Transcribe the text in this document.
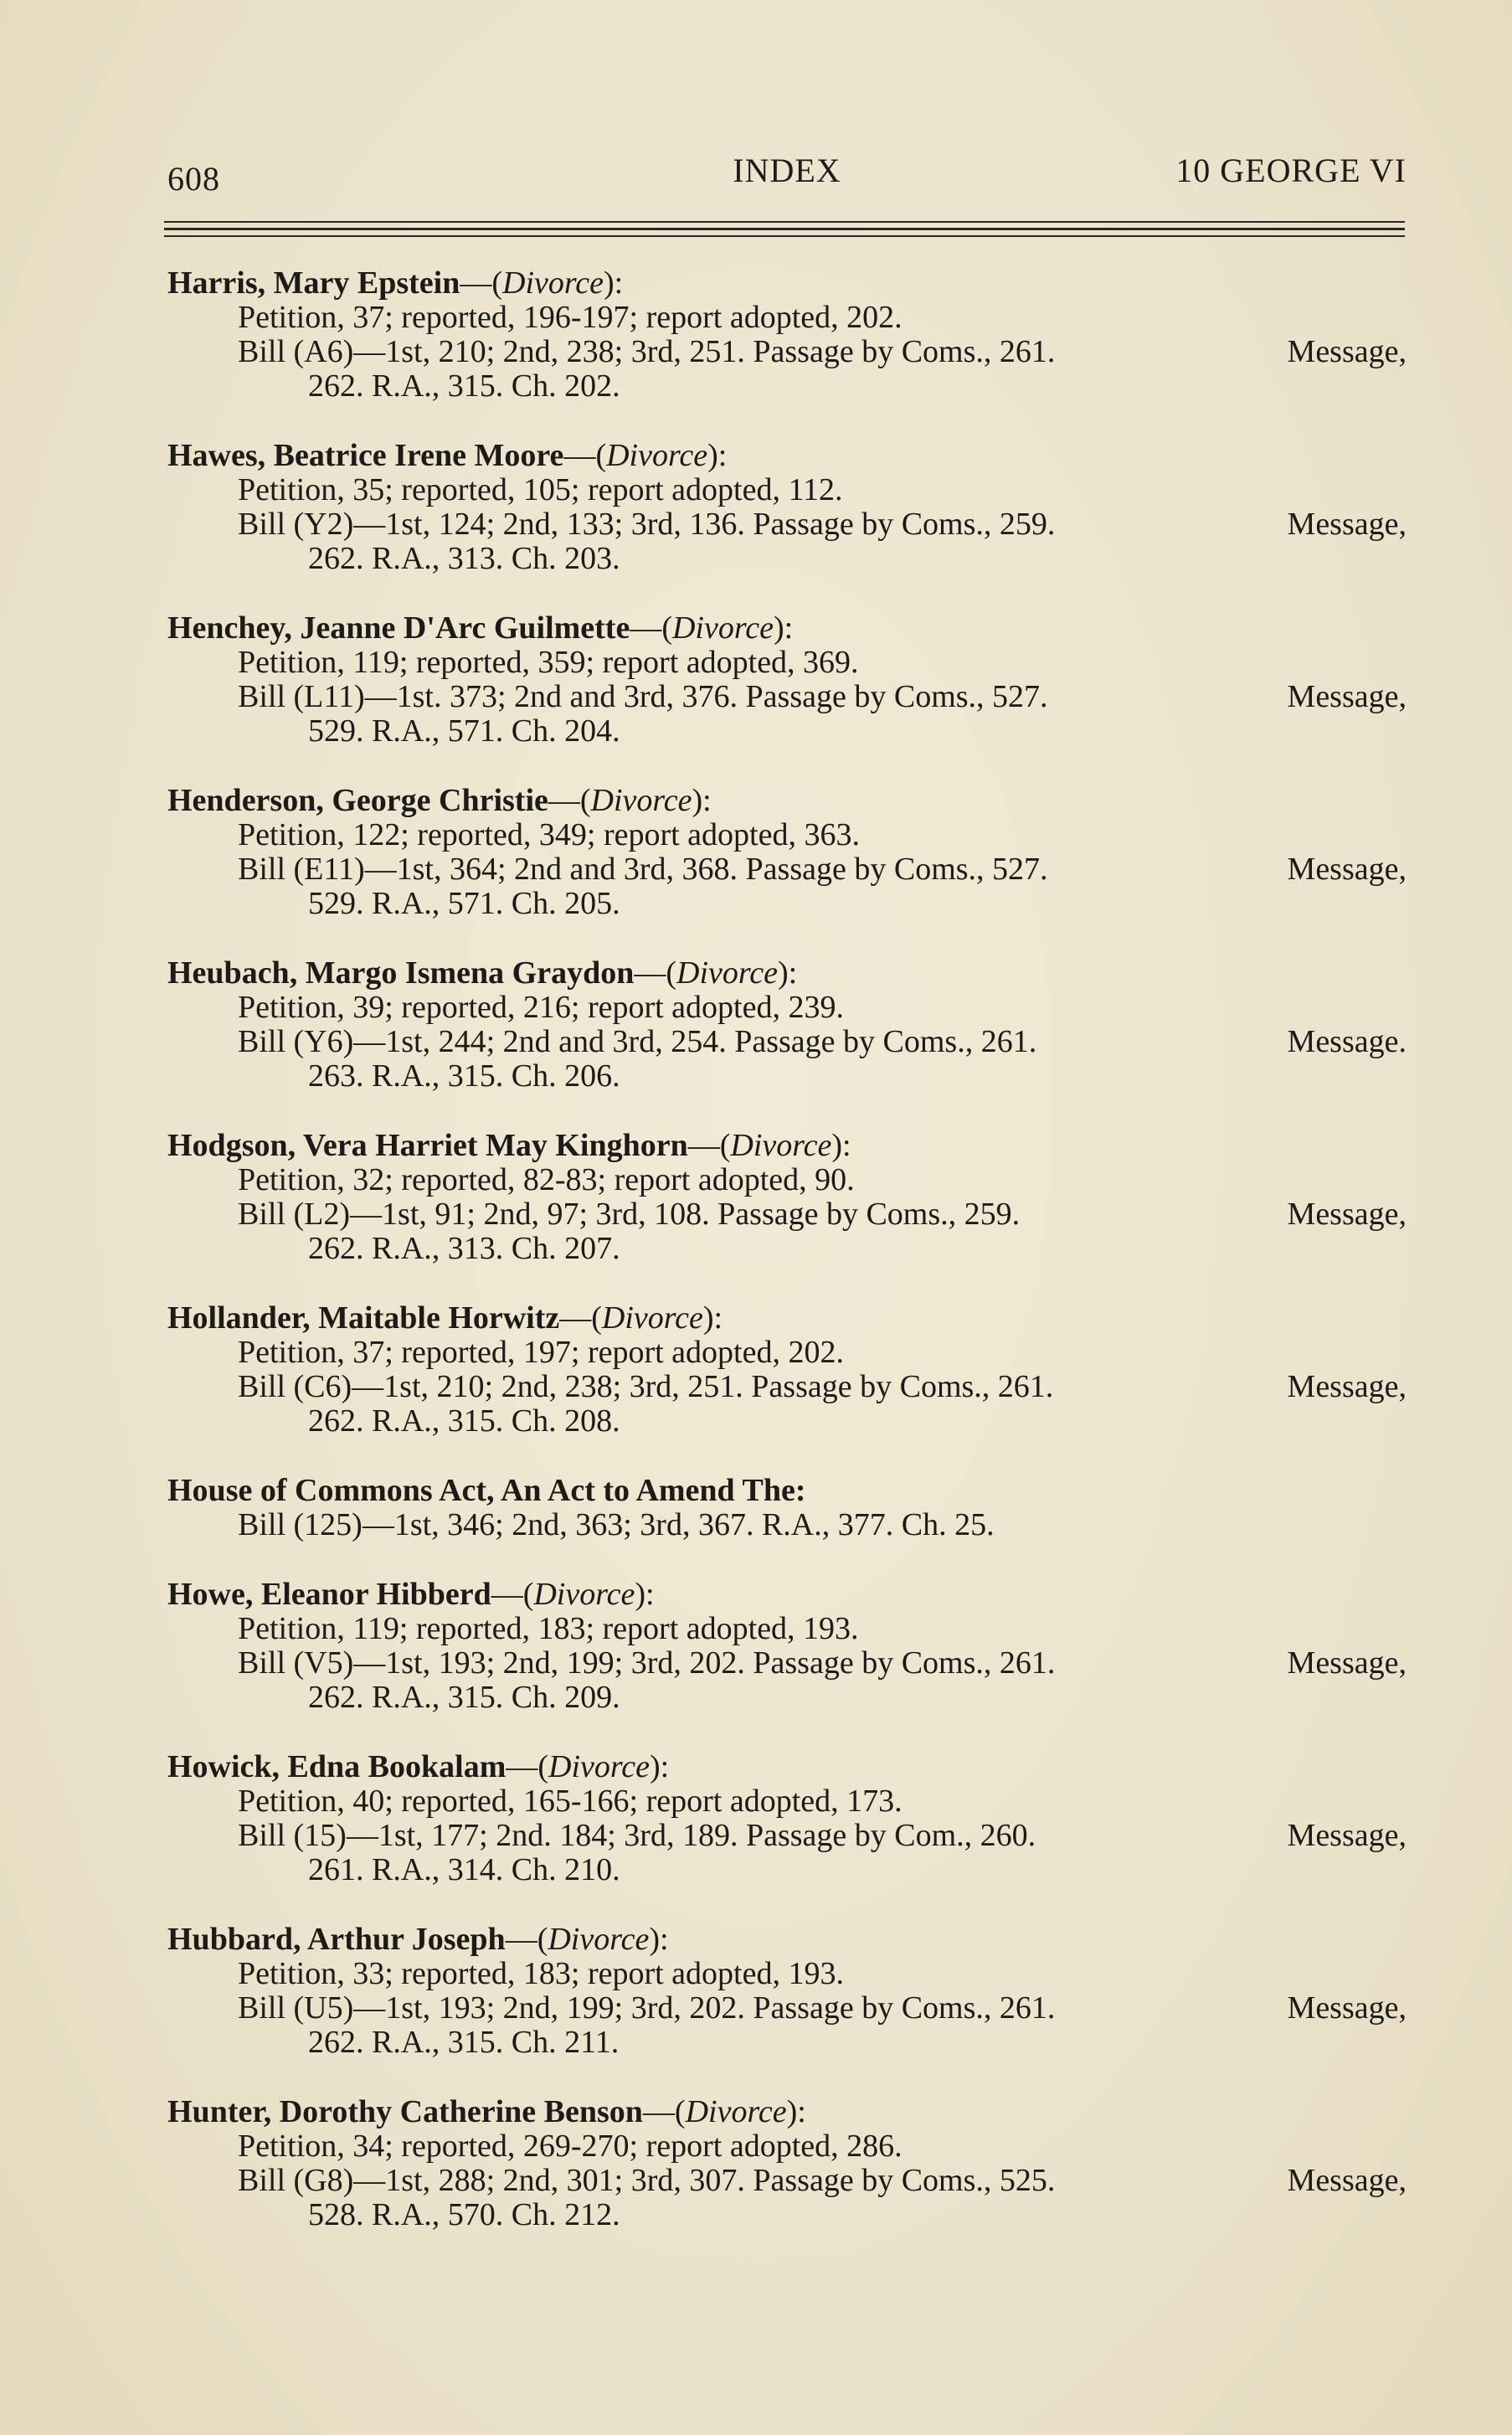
608	INDEX	10 GEORGE VI
Harris, Mary Epstein—(Divorce):
Petition, 37; reported, 196-197; report adopted, 202.
Bill (A6)—1st, 210; 2nd, 238; 3rd, 251. Passage by Coms., 261.	Message,
262. R.A., 315. Ch. 202.
Hawes, Beatrice Irene Moore—(Divorce):
Petition, 35; reported, 105; report adopted, 112.
Bill (Y2)—1st, 124; 2nd, 133; 3rd, 136. Passage by Coms., 259.	Message,
262. R.A., 313. Ch. 203.
Henchey, Jeanne D'Arc Guilmette—(Divorce):
Petition, 119; reported, 359; report adopted, 369.
Bill (L11)—1st. 373; 2nd and 3rd, 376. Passage by Coms., 527.	Message,
529. R.A., 571. Ch. 204.
Henderson, George Christie—(Divorce):
Petition, 122; reported, 349; report adopted, 363.
Bill (E11)—1st, 364; 2nd and 3rd, 368. Passage by Coms., 527.	Message,
529. R.A., 571. Ch. 205.
Heubach, Margo Ismena Graydon—(Divorce):
Petition, 39; reported, 216; report adopted, 239.
Bill (Y6)—1st, 244; 2nd and 3rd, 254. Passage by Coms., 261.	Message.
263. R.A., 315. Ch. 206.
Hodgson, Vera Harriet May Kinghorn—(Divorce):
Petition, 32; reported, 82-83; report adopted, 90.
Bill (L2)—1st, 91; 2nd, 97; 3rd, 108. Passage by Coms., 259.	Message,
262. R.A., 313. Ch. 207.
Hollander, Maitable Horwitz—(Divorce):
Petition, 37; reported, 197; report adopted, 202.
Bill (C6)—1st, 210; 2nd, 238; 3rd, 251. Passage by Coms., 261.	Message,
262. R.A., 315. Ch. 208.
House of Commons Act, An Act to Amend The:
Bill (125)—1st, 346; 2nd, 363; 3rd, 367. R.A., 377. Ch. 25.
Howe, Eleanor Hibberd—(Divorce):
Petition, 119; reported, 183; report adopted, 193.
Bill (V5)—1st, 193; 2nd, 199; 3rd, 202. Passage by Coms., 261.	Message,
262. R.A., 315. Ch. 209.
Howick, Edna Bookalam—(Divorce):
Petition, 40; reported, 165-166; report adopted, 173.
Bill (15)—1st, 177; 2nd. 184; 3rd, 189. Passage by Com., 260.	Message,
261. R.A., 314. Ch. 210.
Hubbard, Arthur Joseph—(Divorce):
Petition, 33; reported, 183; report adopted, 193.
Bill (U5)—1st, 193; 2nd, 199; 3rd, 202. Passage by Coms., 261.	Message,
262. R.A., 315. Ch. 211.
Hunter, Dorothy Catherine Benson—(Divorce):
Petition, 34; reported, 269-270; report adopted, 286.
Bill (G8)—1st, 288; 2nd, 301; 3rd, 307. Passage by Coms., 525.	Message,
528. R.A., 570. Ch. 212.
